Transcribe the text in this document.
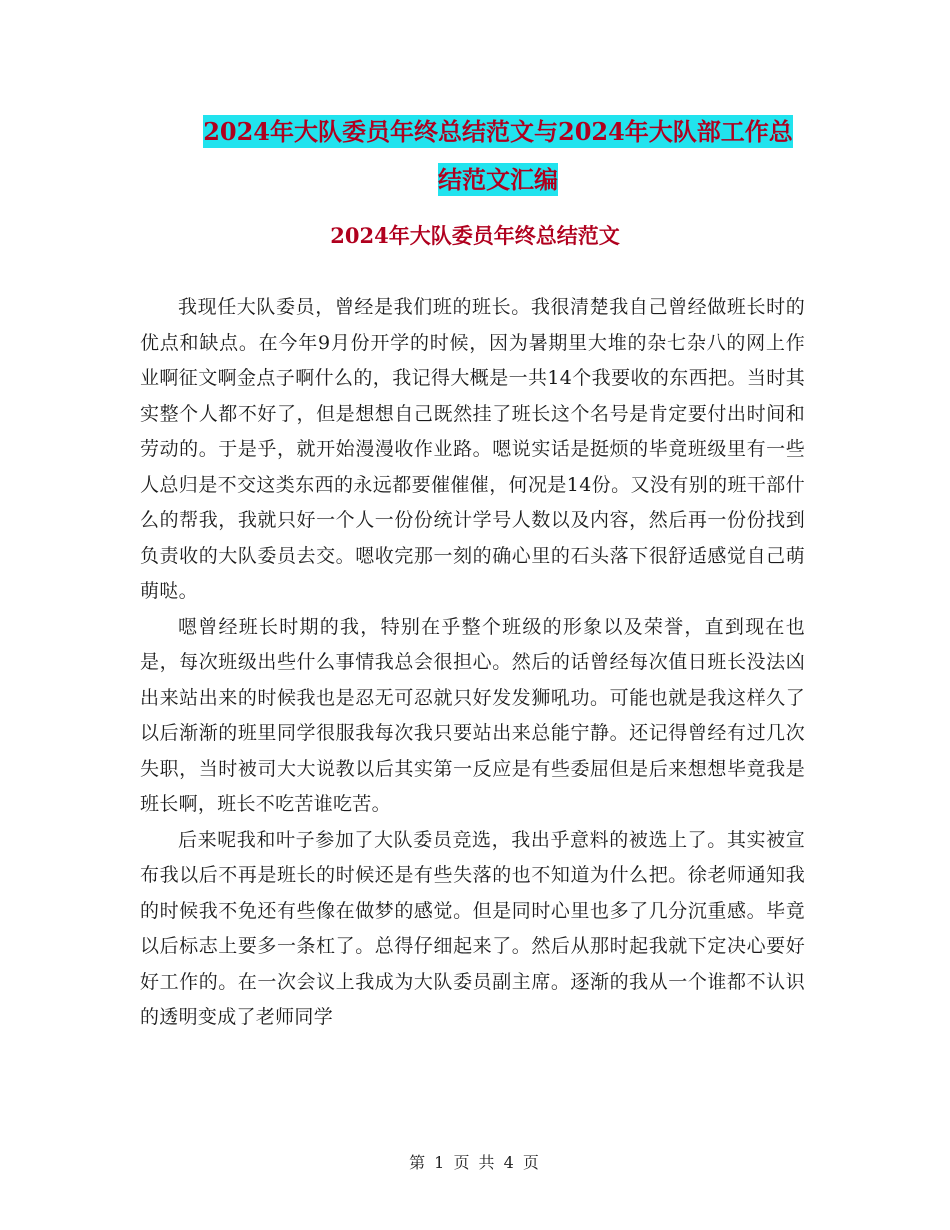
2024年大队委员年终总结范文与2024年大队部工作总
结范文汇编
2024年大队委员年终总结范文

我现任大队委员，曾经是我们班的班长。我很清楚我自己曾经做班长时的优点和缺点。在今年9月份开学的时候，因为暑期里大堆的杂七杂八的网上作业啊征文啊金点子啊什么的，我记得大概是一共14个我要收的东西把。当时其实整个人都不好了，但是想想自己既然挂了班长这个名号是肯定要付出时间和劳动的。于是乎，就开始漫漫收作业路。嗯说实话是挺烦的毕竟班级里有一些人总归是不交这类东西的永远都要催催催，何况是14份。又没有别的班干部什么的帮我，我就只好一个人一份份统计学号人数以及内容，然后再一份份找到负责收的大队委员去交。嗯收完那一刻的确心里的石头落下很舒适感觉自己萌萌哒。

嗯曾经班长时期的我，特别在乎整个班级的形象以及荣誉，直到现在也是，每次班级出些什么事情我总会很担心。然后的话曾经每次值日班长没法凶出来站出来的时候我也是忍无可忍就只好发发狮吼功。可能也就是我这样久了以后渐渐的班里同学很服我每次我只要站出来总能宁静。还记得曾经有过几次失职，当时被司大大说教以后其实第一反应是有些委屈但是后来想想毕竟我是班长啊，班长不吃苦谁吃苦。

后来呢我和叶子参加了大队委员竞选，我出乎意料的被选上了。其实被宣布我以后不再是班长的时候还是有些失落的也不知道为什么把。徐老师通知我的时候我不免还有些像在做梦的感觉。但是同时心里也多了几分沉重感。毕竟以后标志上要多一条杠了。总得仔细起来了。然后从那时起我就下定决心要好好工作的。在一次会议上我成为大队委员副主席。逐渐的我从一个谁都不认识的透明变成了老师同学

第 1 页 共 4 页
